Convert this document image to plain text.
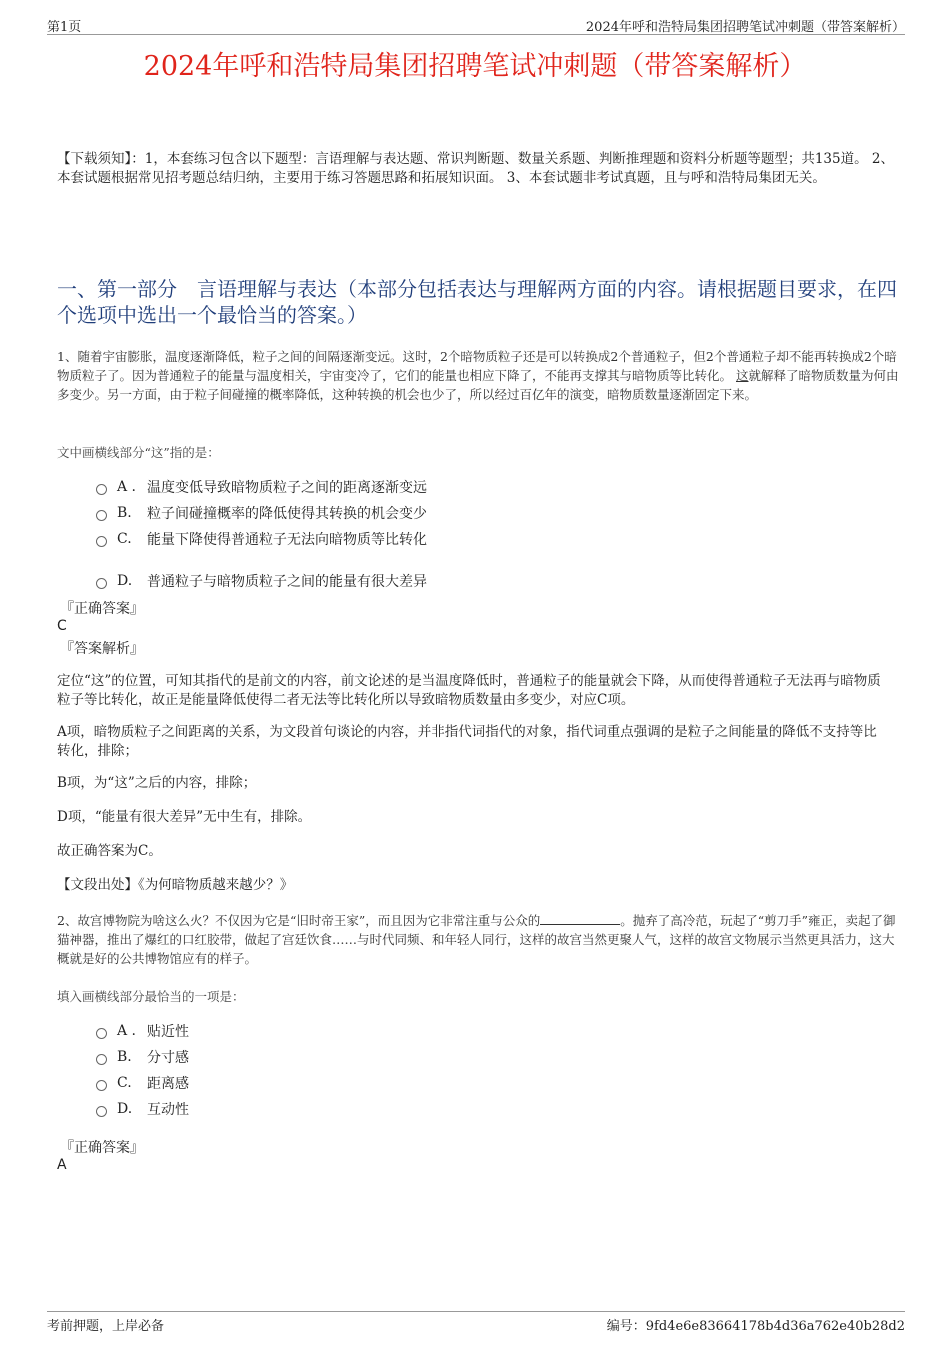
第1页	2024年呼和浩特局集团招聘笔试冲刺题（带答案解析）
2024年呼和浩特局集团招聘笔试冲刺题（带答案解析）
【下载须知】：1，本套练习包含以下题型：言语理解与表达题、常识判断题、数量关系题、判断推理题和资料分析题等题型；共135道。 2、本套试题根据常见招考题总结归纳，主要用于练习答题思路和拓展知识面。 3、本套试题非考试真题，且与呼和浩特局集团无关。
一、第一部分　言语理解与表达（本部分包括表达与理解两方面的内容。请根据题目要求，在四个选项中选出一个最恰当的答案。）
1、随着宇宙膨胀，温度逐渐降低，粒子之间的间隔逐渐变远。这时，2个暗物质粒子还是可以转换成2个普通粒子，但2个普通粒子却不能再转换成2个暗物质粒子了。因为普通粒子的能量与温度相关，宇宙变冷了，它们的能量也相应下降了，不能再支撑其与暗物质等比转化。 这就解释了暗物质数量为何由多变少。另一方面，由于粒子间碰撞的概率降低，这种转换的机会也少了，所以经过百亿年的演变，暗物质数量逐渐固定下来。
文中画横线部分“这”指的是：
A . 温度变低导致暗物质粒子之间的距离逐渐变远
B.	粒子间碰撞概率的降低使得其转换的机会变少
C.	能量下降使得普通粒子无法向暗物质等比转化
D.	普通粒子与暗物质粒子之间的能量有很大差异
『正确答案』
C
『答案解析』
定位“这”的位置，可知其指代的是前文的内容，前文论述的是当温度降低时，普通粒子的能量就会下降，从而使得普通粒子无法再与暗物质粒子等比转化，故正是能量降低使得二者无法等比转化所以导致暗物质数量由多变少，对应C项。
A项，暗物质粒子之间距离的关系，为文段首句谈论的内容，并非指代词指代的对象，指代词重点强调的是粒子之间能量的降低不支持等比转化，排除；
B项，为“这”之后的内容，排除；
D项，“能量有很大差异”无中生有，排除。
故正确答案为C。
【文段出处】《为何暗物质越来越少？》
2、故宫博物院为啥这么火？不仅因为它是“旧时帝王家”，而且因为它非常注重与公众的	。抛弃了高冷范，玩起了“剪刀手”雍正，卖起了御猫神器，推出了爆红的口红胶带，做起了宫廷饮食……与时代同频、和年轻人同行，这样的故宫当然更聚人气，这样的故宫文物展示当然更具活力，这大概就是好的公共博物馆应有的样子。
填入画横线部分最恰当的一项是：
A . 贴近性
B.	分寸感
C.	距离感
D.	互动性
『正确答案』
A
考前押题，上岸必备	编号：9fd4e6e83664178b4d36a762e40b28d2
